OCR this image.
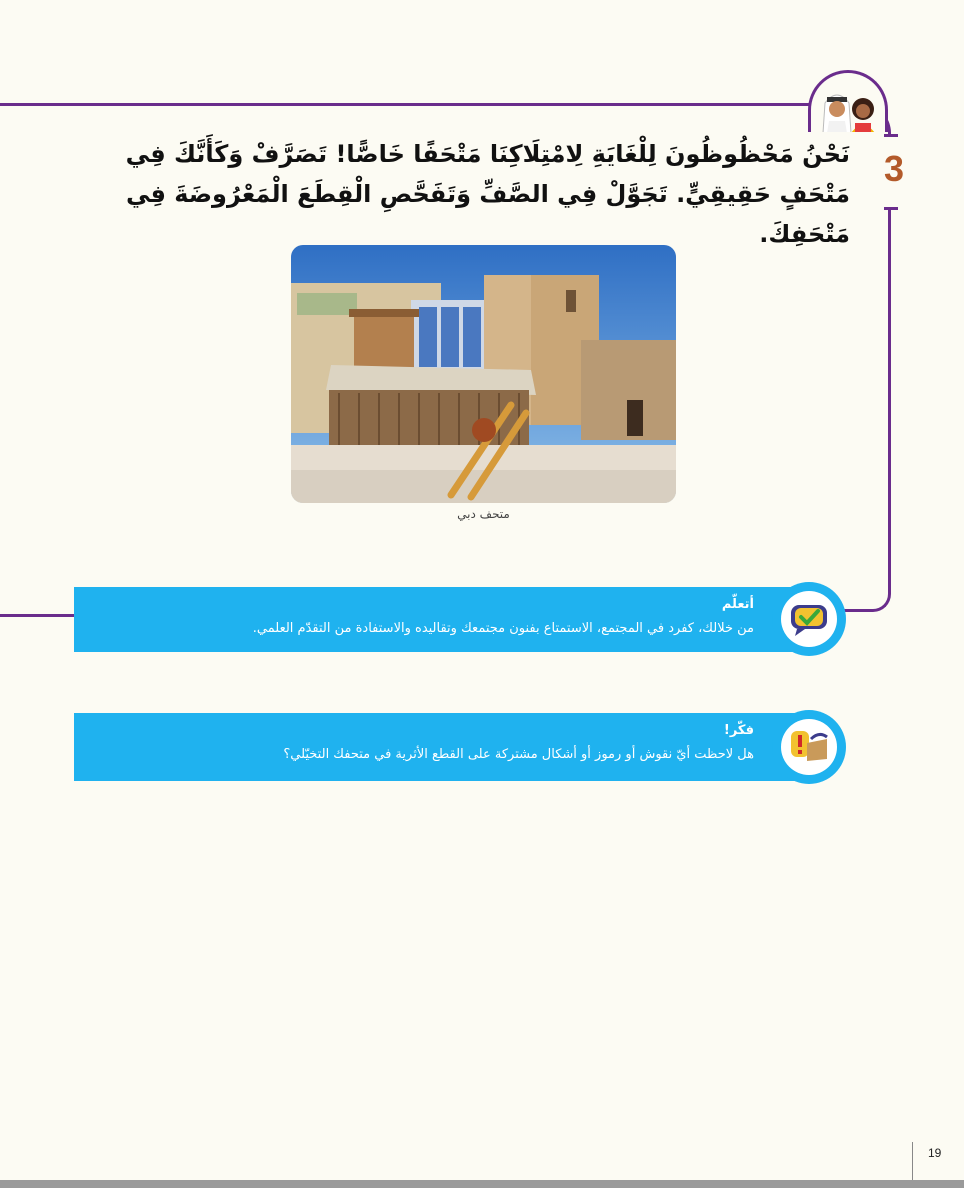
3
نَحْنُ مَحْظُوظُونَ لِلْغَايَةِ لِامْتِلَاكِنَا مَتْحَفًا خَاصًّا! تَصَرَّفْ وَكَأَنَّكَ فِي مَتْحَفٍ حَقِيقِيٍّ. تَجَوَّلْ فِي الصَّفِّ وَتَفَحَّصِ الْقِطَعَ الْمَعْرُوضَةَ فِي مَتْحَفِكَ.
متحف دبي
أتعلّم
من خلالك، كفرد في المجتمع، الاستمتاع بفنون مجتمعك وتقاليده والاستفادة من التقدّم العلمي.
فكّر!
هل لاحظت أيّ نقوش أو رموز أو أشكال مشتركة على القطع الأثرية في متحفك التخيّلي؟
19
